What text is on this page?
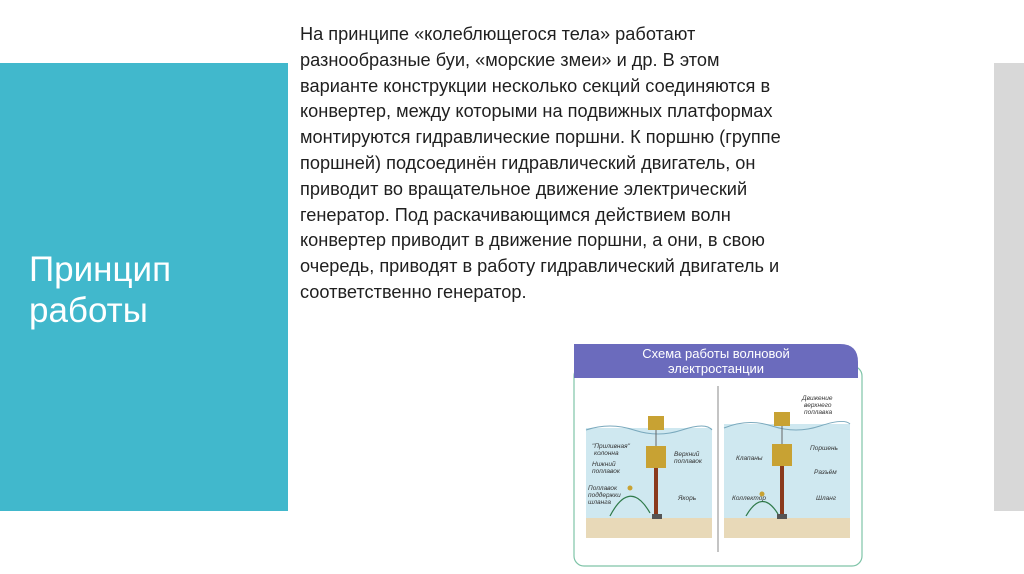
Принцип работы
На принципе «колеблющегося тела» работают разнообразные буи, «морские змеи» и др. В этом варианте конструкции несколько секций соединяются в конвертер, между которыми на подвижных платформах монтируются гидравлические поршни. К поршню (группе поршней) подсоединён гидравлический двигатель, он приводит во вращательное движение электрический генератор. Под раскачивающимся действием волн конвертер приводит в движение поршни, а они, в свою очередь, приводят в работу гидравлический двигатель и соответственно генератор.
Схема работы волновой
электростанции
"Приливная"
колонна
Нижний
поплавок
Поплавок
поддержки
шланга
Верхний
поплавок
Якорь
Движение
верхнего
поплавка
Клапаны
Поршень
Разъём
Коллектор	Шланг
